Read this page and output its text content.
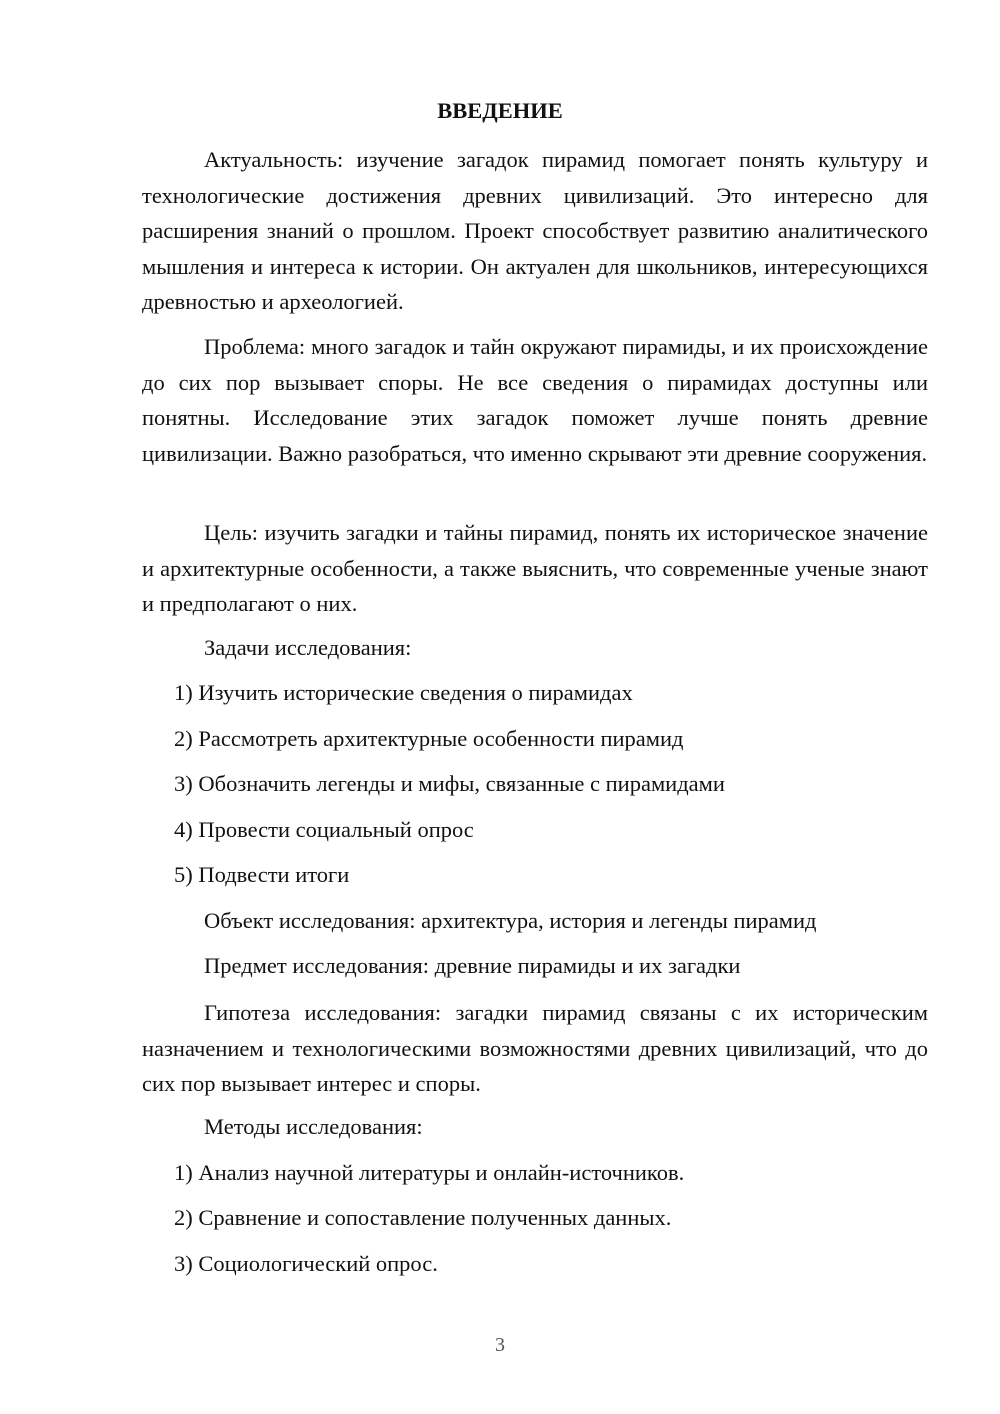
ВВЕДЕНИЕ

Актуальность: изучение загадок пирамид помогает понять культуру и технологические достижения древних цивилизаций. Это интересно для расширения знаний о прошлом. Проект способствует развитию аналитического мышления и интереса к истории. Он актуален для школьников, интересующихся древностью и археологией.

Проблема: много загадок и тайн окружают пирамиды, и их происхождение до сих пор вызывает споры. Не все сведения о пирамидах доступны или понятны. Исследование этих загадок поможет лучше понять древние цивилизации. Важно разобраться, что именно скрывают эти древние сооружения.

Цель: изучить загадки и тайны пирамид, понять их историческое значение и архитектурные особенности, а также выяснить, что современные ученые знают и предполагают о них.

Задачи исследования:

1) Изучить исторические сведения о пирамидах

2) Рассмотреть архитектурные особенности пирамид

3) Обозначить легенды и мифы, связанные с пирамидами

4) Провести социальный опрос

5) Подвести итоги

Объект исследования: архитектура, история и легенды пирамид

Предмет исследования: древние пирамиды и их загадки

Гипотеза исследования: загадки пирамид связаны с их историческим назначением и технологическими возможностями древних цивилизаций, что до сих пор вызывает интерес и споры.

Методы исследования:

1) Анализ научной литературы и онлайн-источников.

2) Сравнение и сопоставление полученных данных.

3) Социологический опрос.

3
